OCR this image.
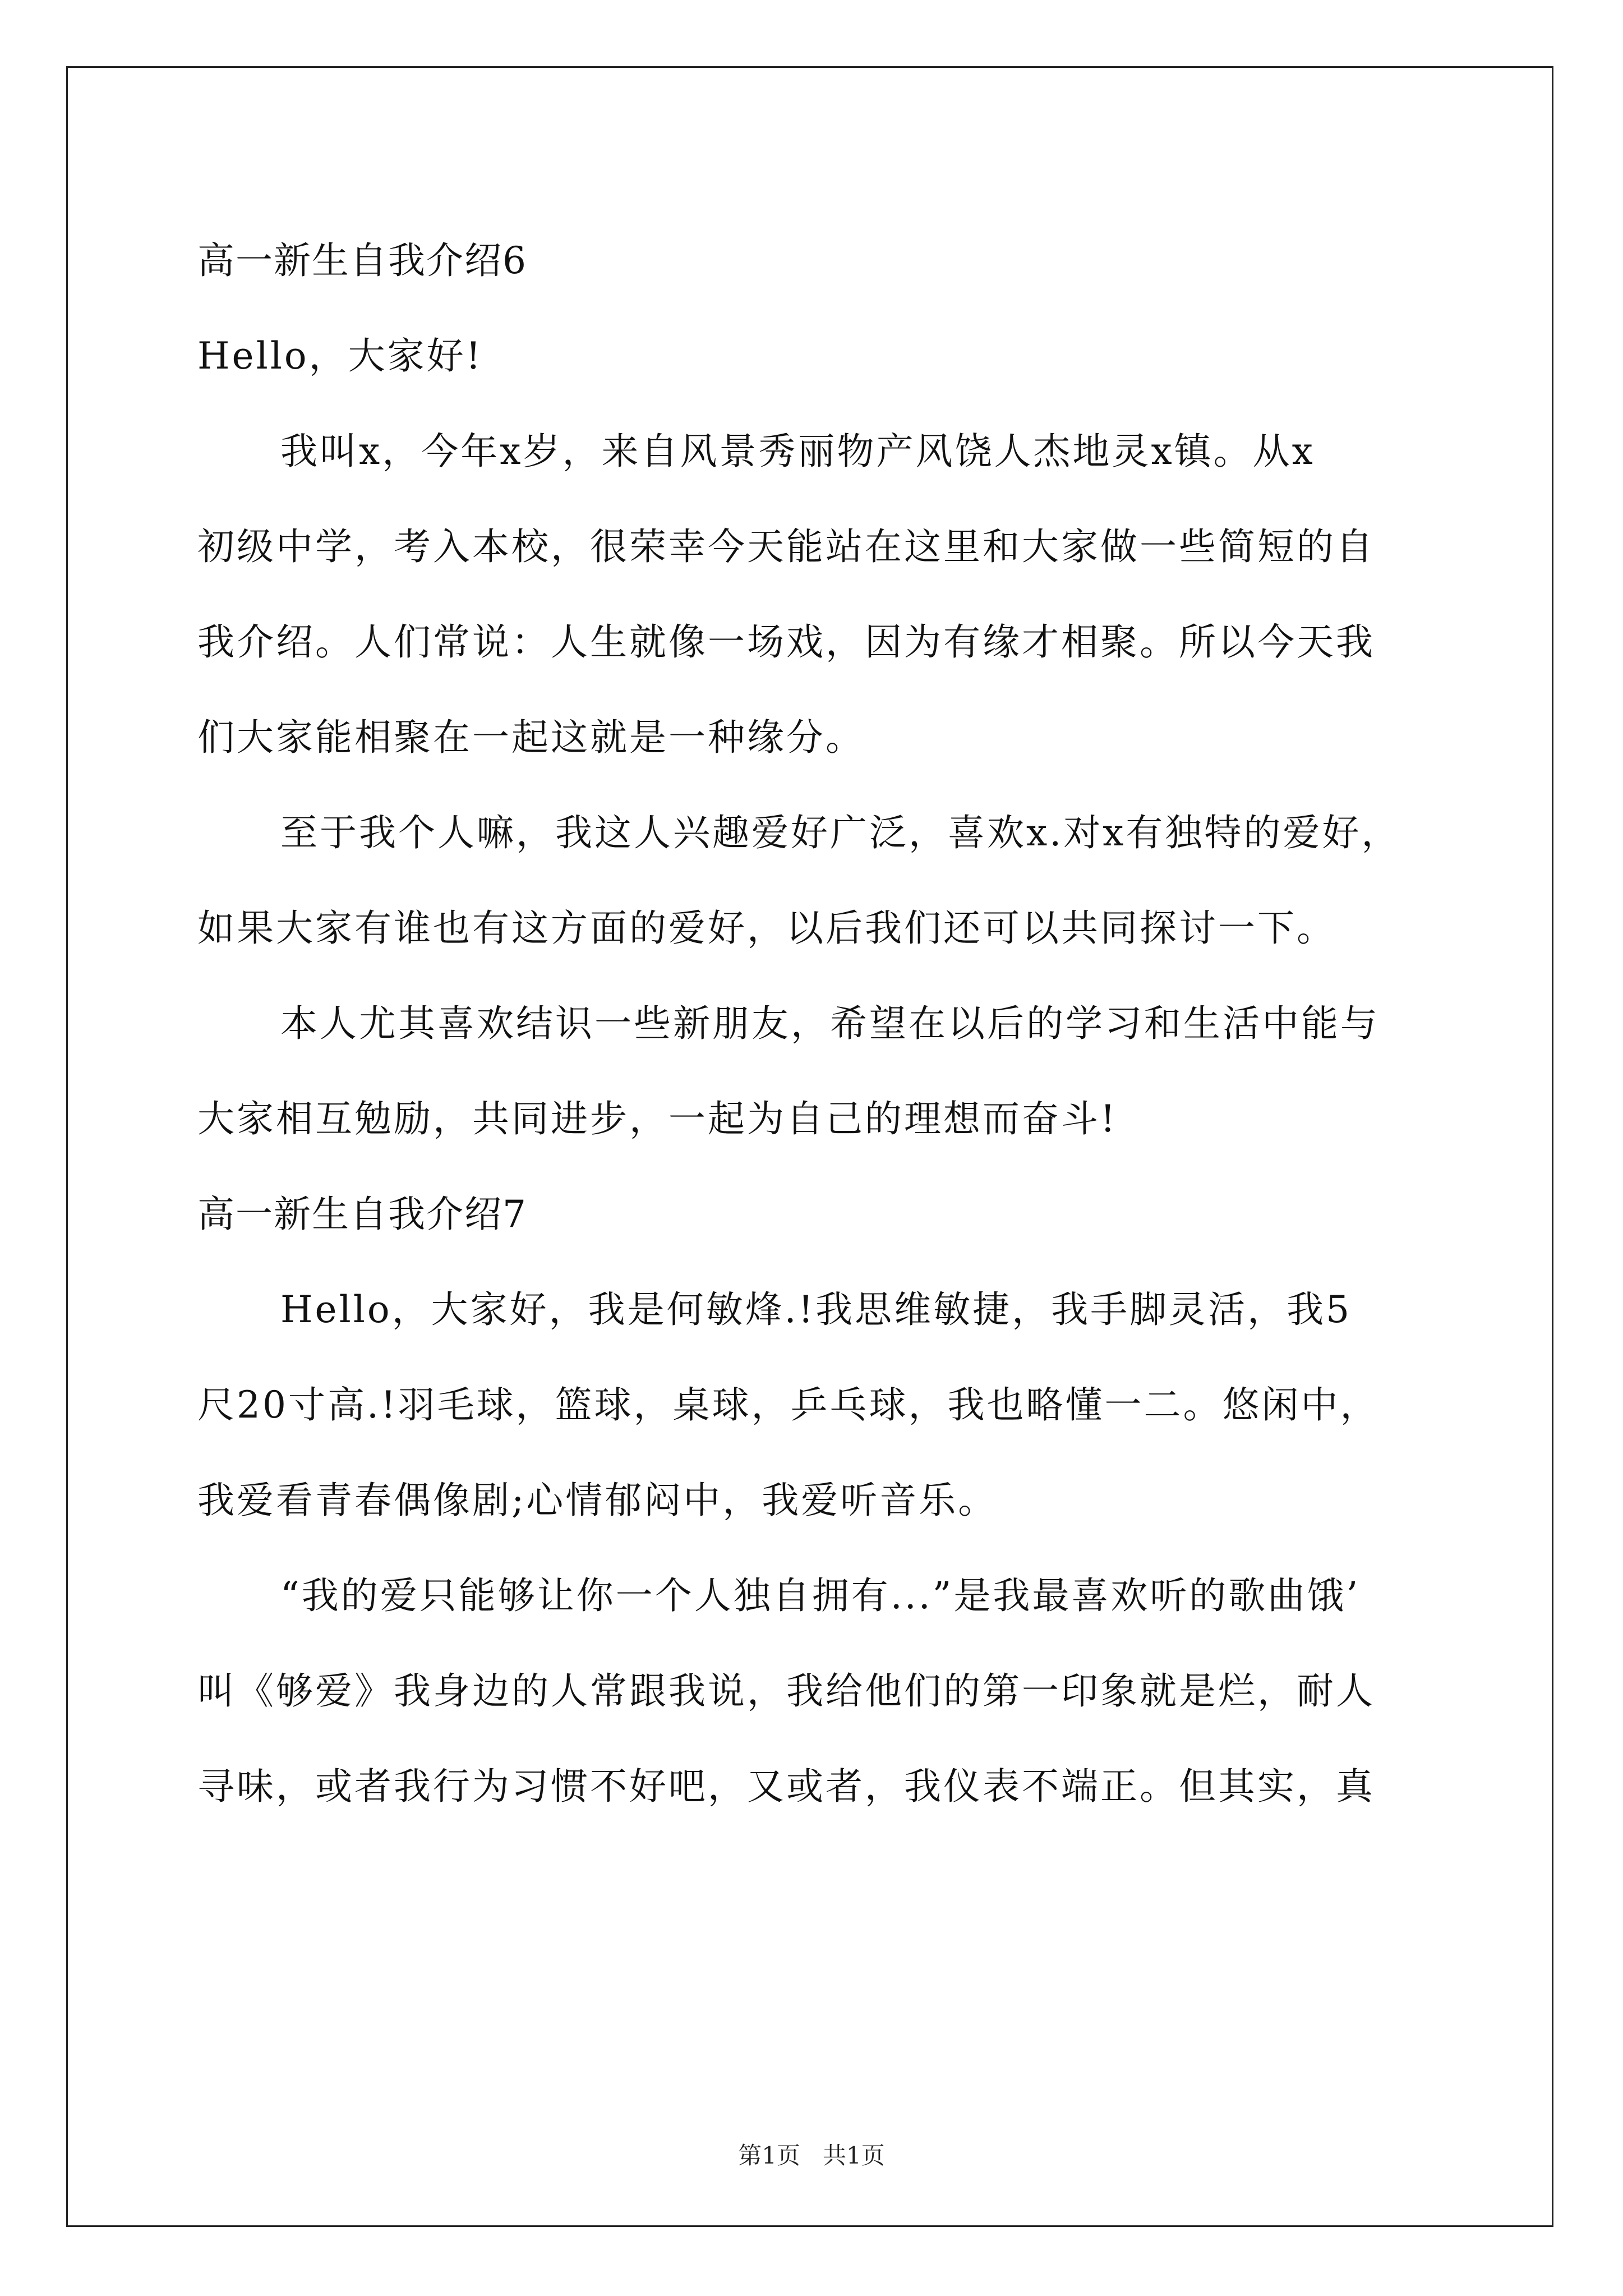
高一新生自我介绍6
Hello，大家好!
我叫x，今年x岁，来自风景秀丽物产风饶人杰地灵x镇。从x
初级中学，考入本校，很荣幸今天能站在这里和大家做一些简短的自
我介绍。人们常说：人生就像一场戏，因为有缘才相聚。所以今天我
们大家能相聚在一起这就是一种缘分。
至于我个人嘛，我这人兴趣爱好广泛，喜欢x.对x有独特的爱好，
如果大家有谁也有这方面的爱好，以后我们还可以共同探讨一下。
本人尤其喜欢结识一些新朋友，希望在以后的学习和生活中能与
大家相互勉励，共同进步，一起为自己的理想而奋斗!
高一新生自我介绍7
Hello，大家好，我是何敏烽.!我思维敏捷，我手脚灵活，我5
尺20寸高.!羽毛球，篮球，桌球，乒乓球，我也略懂一二。悠闲中，
我爱看青春偶像剧;心情郁闷中，我爱听音乐。
“我的爱只能够让你一个人独自拥有...”是我最喜欢听的歌曲饿’
叫《够爱》我身边的人常跟我说，我给他们的第一印象就是烂，耐人
寻味，或者我行为习惯不好吧，又或者，我仪表不端正。但其实，真
第1页   共1页
